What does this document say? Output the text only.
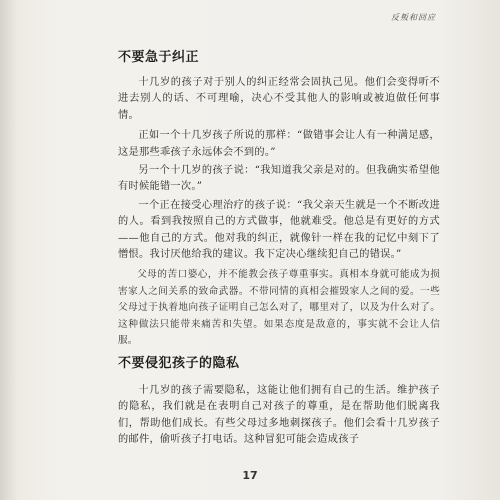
反叛和回应
不要急于纠正

十几岁的孩子对于别人的纠正经常会固执己见。他们会变得听不进去别人的话、不可理喻，决心不受其他人的影响或被迫做任何事情。

正如一个十几岁孩子所说的那样：“做错事会让人有一种满足感，这是那些乖孩子永远体会不到的。”

另一个十几岁的孩子说：“我知道我父亲是对的。但我确实希望他有时候能错一次。”

一个正在接受心理治疗的孩子说：“我父亲天生就是一个不断改进的人。看到我按照自己的方式做事，他就难受。他总是有更好的方式——他自己的方式。他对我的纠正，就像针一样在我的记忆中刻下了憎恨。我讨厌他给我的建议。我下定决心继续犯自己的错误。”

父母的苦口婆心，并不能教会孩子尊重事实。真相本身就可能成为损害家人之间关系的致命武器。不带同情的真相会摧毁家人之间的爱。一些父母过于执着地向孩子证明自己怎么对了，哪里对了，以及为什么对了。这种做法只能带来痛苦和失望。如果态度是敌意的，事实就不会让人信服。

不要侵犯孩子的隐私

十几岁的孩子需要隐私，这能让他们拥有自己的生活。维护孩子的隐私，我们就是在表明自己对孩子的尊重，是在帮助他们脱离我们，帮助他们成长。有些父母过多地刺探孩子。他们会看十几岁孩子的邮件，偷听孩子打电话。这种冒犯可能会造成孩子

17
